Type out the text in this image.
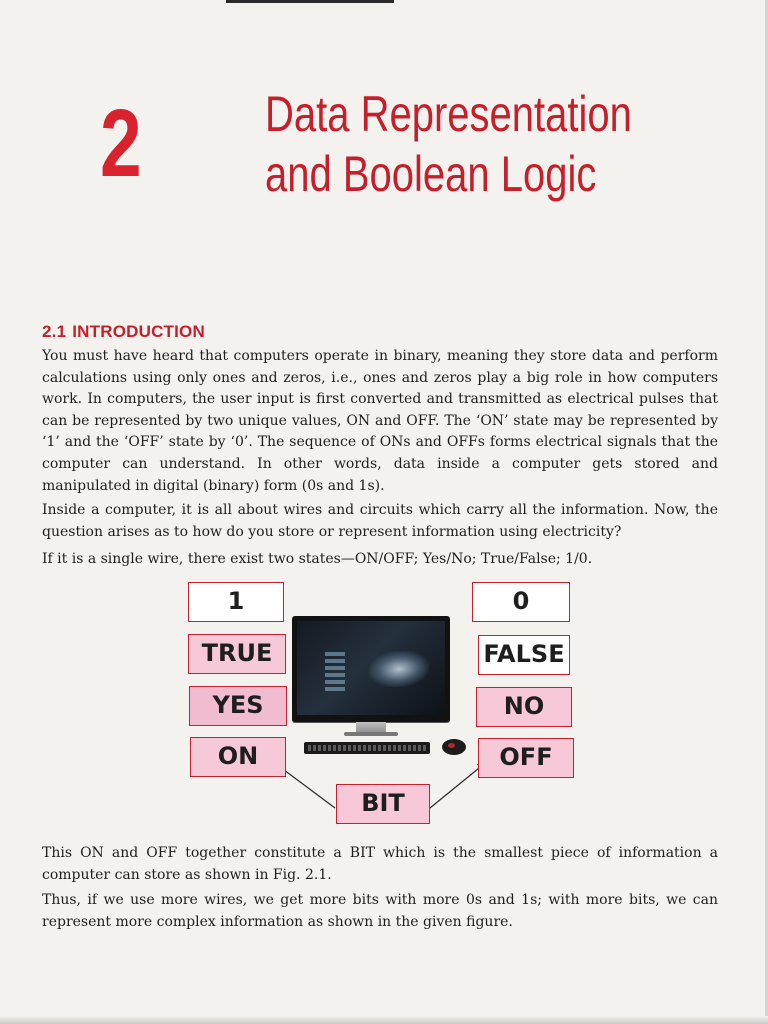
2 Data Representation
and Boolean Logic
2.1 INTRODUCTION

You must have heard that computers operate in binary, meaning they store data and perform calculations using only ones and zeros, i.e., ones and zeros play a big role in how computers work. In computers, the user input is first converted and transmitted as electrical pulses that can be represented by two unique values, ON and OFF. The ‘ON’ state may be represented by ‘1’ and the ‘OFF’ state by ‘0’. The sequence of ONs and OFFs forms electrical signals that the computer can understand. In other words, data inside a computer gets stored and manipulated in digital (binary) form (0s and 1s).

Inside a computer, it is all about wires and circuits which carry all the information. Now, the question arises as to how do you store or represent information using electricity?

If it is a single wire, there exist two states—ON/OFF; Yes/No; True/False; 1/0.

1
TRUE
YES
ON
0
FALSE
NO
OFF
BIT

This ON and OFF together constitute a BIT which is the smallest piece of information a computer can store as shown in Fig. 2.1.

Thus, if we use more wires, we get more bits with more 0s and 1s; with more bits, we can represent more complex information as shown in the given figure.
